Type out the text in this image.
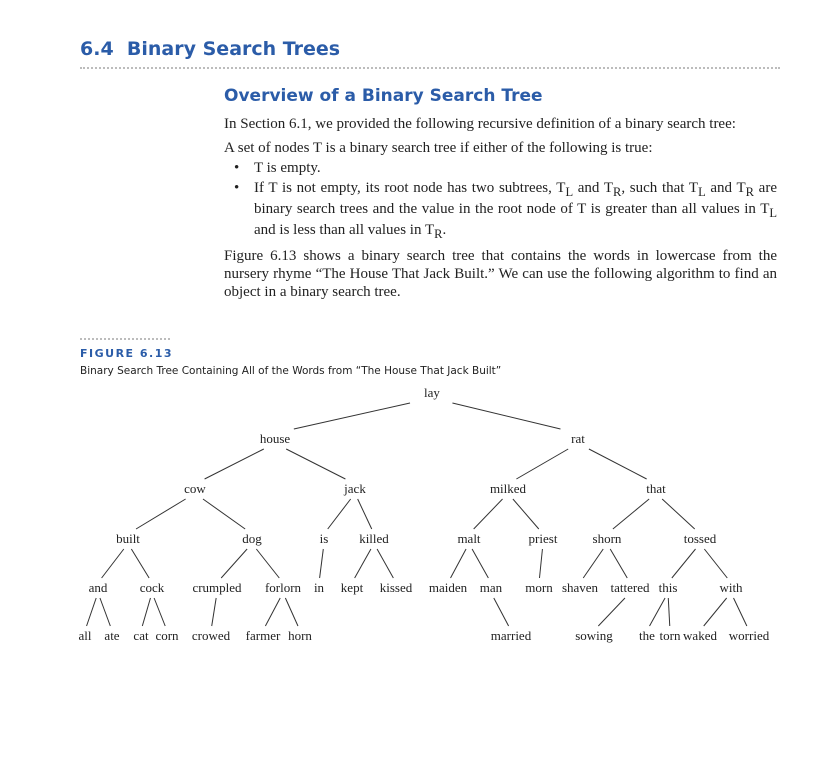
6.4 Binary Search Trees
Overview of a Binary Search Tree
In Section 6.1, we provided the following recursive definition of a binary search tree:
A set of nodes T is a binary search tree if either of the following is true:
• T is empty.
• If T is not empty, its root node has two subtrees, $T_L$ and $T_R$, such that $T_L$ and $T_R$ are binary search trees and the value in the root node of T is greater than all values in $T_L$ and is less than all values in $T_R$.
Figure 6.13 shows a binary search tree that contains the words in lowercase from the nursery rhyme “The House That Jack Built.” We can use the following algorithm to find an object in a binary search tree.

FIGURE 6.13

Binary Search Tree Containing All of the Words from “The House That Jack Built”

lay
house	rat
cow	jack	milked	that
built	dog	is killed	malt	priest	shorn	tossed
and cock crumpled forlorn in kept kissed maiden man morn shaven tattered this	with
all ate cat corn crowed farmer horn	married	sowing the torn waked worried
